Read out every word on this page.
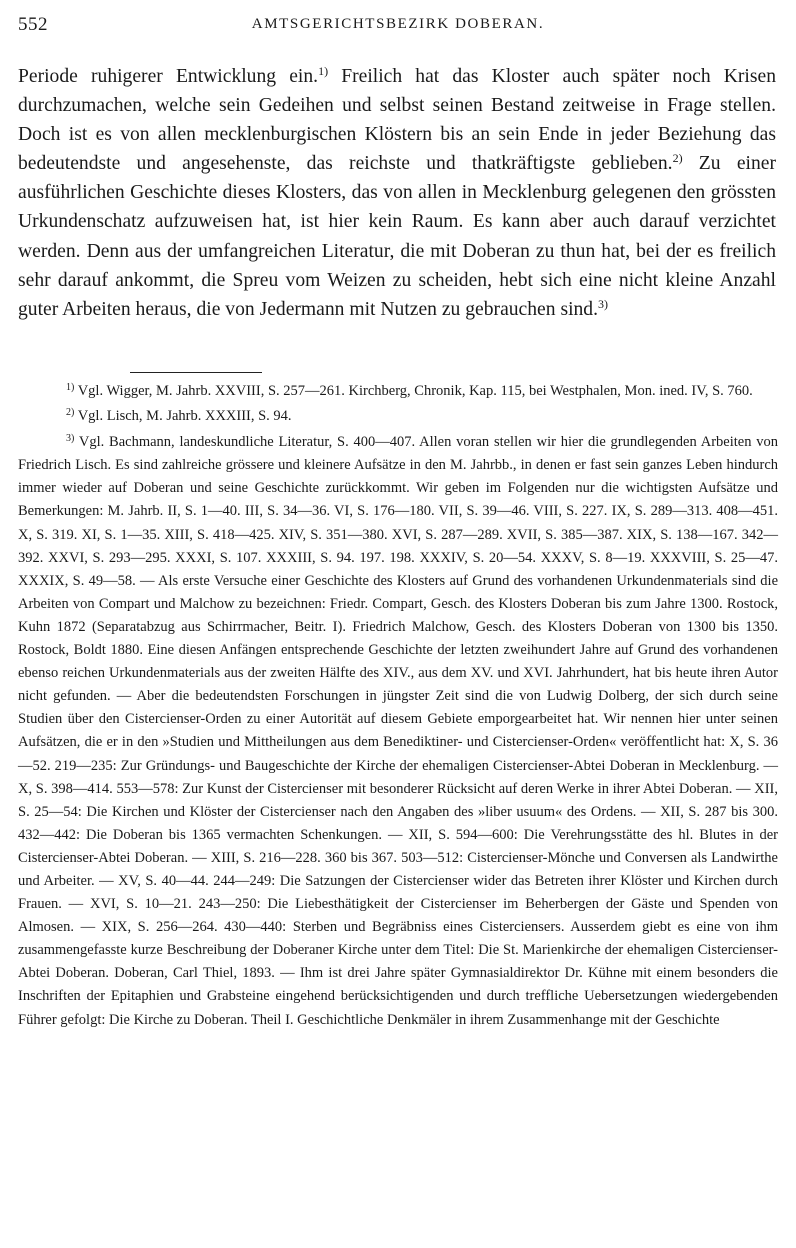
552	AMTSGERICHTSBEZIRK DOBERAN.

Periode ruhigerer Entwicklung ein.$^{1)}$ Freilich hat das Kloster auch später noch Krisen durchzumachen, welche sein Gedeihen und selbst seinen Bestand zeitweise in Frage stellen. Doch ist es von allen mecklenburgischen Klöstern bis an sein Ende in jeder Beziehung das bedeutendste und angesehenste, das reichste und thatkräftigste geblieben.$^{2)}$ Zu einer ausführlichen Geschichte dieses Klosters, das von allen in Mecklenburg gelegenen den grössten Urkundenschatz aufzuweisen hat, ist hier kein Raum. Es kann aber auch darauf verzichtet werden. Denn aus der umfangreichen Literatur, die mit Doberan zu thun hat, bei der es freilich sehr darauf ankommt, die Spreu vom Weizen zu scheiden, hebt sich eine nicht kleine Anzahl guter Arbeiten heraus, die von Jedermann mit Nutzen zu gebrauchen sind.$^{3)}$

$^{1)}$ Vgl. Wigger, M. Jahrb. XXVIII, S. 257—261. Kirchberg, Chronik, Kap. 115, bei Westphalen, Mon. ined. IV, S. 760.

$^{2)}$ Vgl. Lisch, M. Jahrb. XXXIII, S. 94.

$^{3)}$ Vgl. Bachmann, landeskundliche Literatur, S. 400—407. Allen voran stellen wir hier die grundlegenden Arbeiten von Friedrich Lisch. Es sind zahlreiche grössere und kleinere Aufsätze in den M. Jahrbb., in denen er fast sein ganzes Leben hindurch immer wieder auf Doberan und seine Geschichte zurückkommt. Wir geben im Folgenden nur die wichtigsten Aufsätze und Bemerkungen: M. Jahrb. II, S. 1—40. III, S. 34—36. VI, S. 176—180. VII, S. 39—46. VIII, S. 227. IX, S. 289—313. 408—451. X, S. 319. XI, S. 1—35. XIII, S. 418—425. XIV, S. 351—380. XVI, S. 287—289. XVII, S. 385—387. XIX, S. 138—167. 342—392. XXVI, S. 293—295. XXXI, S. 107. XXXIII, S. 94. 197. 198. XXXIV, S. 20—54. XXXV, S. 8—19. XXXVIII, S. 25—47. XXXIX, S. 49—58. — Als erste Versuche einer Geschichte des Klosters auf Grund des vorhandenen Urkundenmaterials sind die Arbeiten von Compart und Malchow zu bezeichnen: Friedr. Compart, Gesch. des Klosters Doberan bis zum Jahre 1300. Rostock, Kuhn 1872 (Separatabzug aus Schirrmacher, Beitr. I). Friedrich Malchow, Gesch. des Klosters Doberan von 1300 bis 1350. Rostock, Boldt 1880. Eine diesen Anfängen entsprechende Geschichte der letzten zweihundert Jahre auf Grund des vorhandenen ebenso reichen Urkundenmaterials aus der zweiten Hälfte des XIV., aus dem XV. und XVI. Jahrhundert, hat bis heute ihren Autor nicht gefunden. — Aber die bedeutendsten Forschungen in jüngster Zeit sind die von Ludwig Dolberg, der sich durch seine Studien über den Cistercienser-Orden zu einer Autorität auf diesem Gebiete emporgearbeitet hat. Wir nennen hier unter seinen Aufsätzen, die er in den »Studien und Mittheilungen aus dem Benediktiner- und Cistercienser-Orden« veröffentlicht hat: X, S. 36—52. 219—235: Zur Gründungs- und Baugeschichte der Kirche der ehemaligen Cistercienser-Abtei Doberan in Mecklenburg. — X, S. 398—414. 553—578: Zur Kunst der Cistercienser mit besonderer Rücksicht auf deren Werke in ihrer Abtei Doberan. — XII, S. 25—54: Die Kirchen und Klöster der Cistercienser nach den Angaben des »liber usuum« des Ordens. — XII, S. 287 bis 300. 432—442: Die Doberan bis 1365 vermachten Schenkungen. — XII, S. 594—600: Die Verehrungsstätte des hl. Blutes in der Cistercienser-Abtei Doberan. — XIII, S. 216—228. 360 bis 367. 503—512: Cistercienser-Mönche und Conversen als Landwirthe und Arbeiter. — XV, S. 40—44. 244—249: Die Satzungen der Cistercienser wider das Betreten ihrer Klöster und Kirchen durch Frauen. — XVI, S. 10—21. 243—250: Die Liebesthätigkeit der Cistercienser im Beherbergen der Gäste und Spenden von Almosen. — XIX, S. 256—264. 430—440: Sterben und Begräbniss eines Cisterciensers. Ausserdem giebt es eine von ihm zusammengefasste kurze Beschreibung der Doberaner Kirche unter dem Titel: Die St. Marienkirche der ehemaligen Cistercienser-Abtei Doberan. Doberan, Carl Thiel, 1893. — Ihm ist drei Jahre später Gymnasialdirektor Dr. Kühne mit einem besonders die Inschriften der Epitaphien und Grabsteine eingehend berücksichtigenden und durch treffliche Uebersetzungen wiedergebenden Führer gefolgt: Die Kirche zu Doberan. Theil I. Geschichtliche Denkmäler in ihrem Zusammenhange mit der Geschichte
